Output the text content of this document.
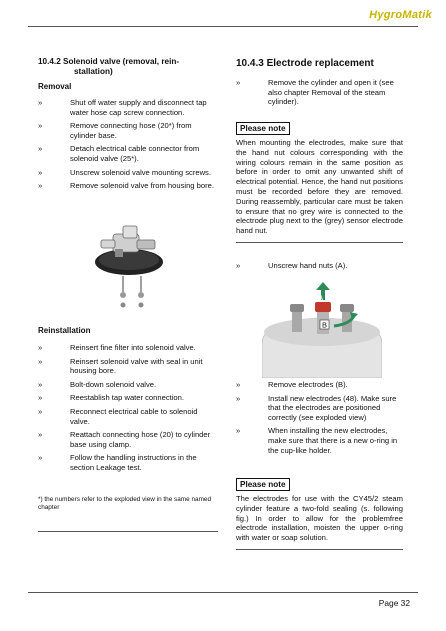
HygroMatik
10.4.2 Solenoid valve (removal, rein-
stallation)
Removal
»	Shut off water supply and disconnect tap water hose cap screw connection.
»	Remove connecting hose (20*) from cylinder base.
»	Detach electrical cable connector from solenoid valve (25*).
»	Unscrew solenoid valve mounting screws.
»	Remove solenoid valve from housing bore.
Reinstallation
»	Reinsert fine filter into solenoid valve.
»	Reinsert solenoid valve with seal in unit housing bore.
»	Bolt-down solenoid valve.
»	Reestablish tap water connection.
»	Reconnect electrical cable to solenoid valve.
»	Reattach connecting hose (20) to cylinder base using clamp.
»	Follow the handling instructions in the section Leakage test.
*) the numbers refer to the exploded view in the same named chapter
10.4.3 Electrode replacement
»	Remove the cylinder and open it (see also chapter Removal of the steam cylinder).
Please note
When mounting the electrodes, make sure that the hand nut colours corresponding with the wiring colours remain in the same position as before in order to omit any unwanted shift of electrical potential. Hence, the hand nut positions must be recorded before they are removed. During reassembly, particular care must be taken to ensure that no grey wire is connected to the electrode plug next to the (grey) sensor electrode hand nut.
»	Unscrew hand nuts (A).
A
B
»	Remove electrodes (B).
»	Install new electrodes (48). Make sure that the electrodes are positioned correctly (see exploded view)
»	When installing the new electrodes, make sure that there is a new o-ring in the cup-like holder.
Please note
The electrodes for use with the CY45/2 steam cylinder feature a two-fold sealing (s. following fig.) In order to allow for the problemfree electrode installation, moisten the upper o-ring with water or soap solution.
Page 32
